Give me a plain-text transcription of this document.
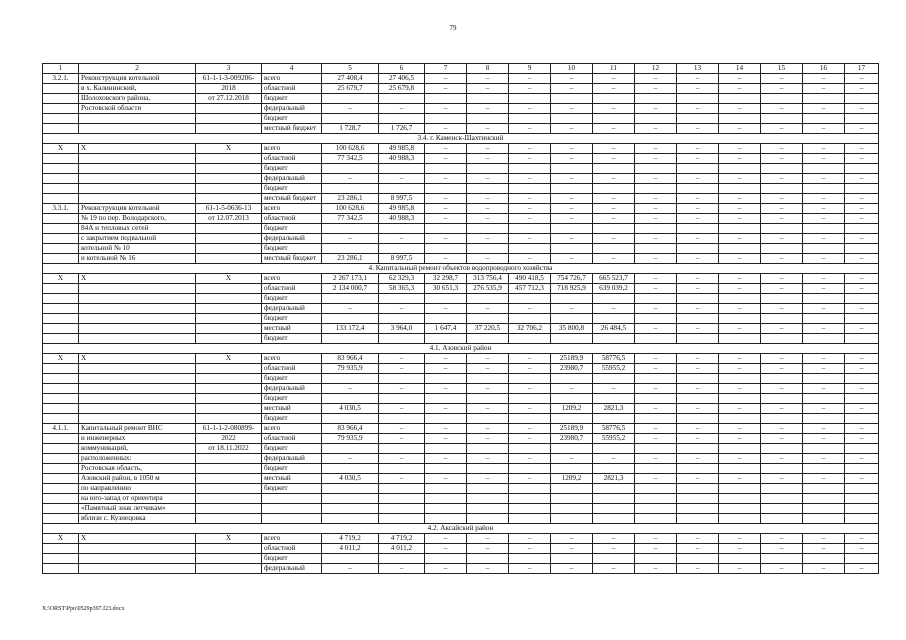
79
1	2	3	4	5	6	7	8	9	10	11	12	13	14	15	16	17
3.2.1.	Реконструкция котельной	61-1-1-3-009206-	всего	27 408,4	27 406,5	–	–	–	–	–	–	–	–	–	–	–
	в х. Калининский,	2018	областной	25 679,7	25 679,8	–	–	–	–	–	–	–	–	–	–	–
	Шолоховского района,	от 27.12.2018	бюджет													
	Ростовской области		федеральный	–	–	–	–	–	–	–	–	–	–	–	–	–
			бюджет													
			местный бюджет	1 728,7	1 726,7	–	–	–	–	–	–	–	–	–	–	–
3.4. г. Каменск-Шахтинский																
Х	Х	Х	всего	100 628,6	49 985,8	–	–	–	–	–	–	–	–	–	–	–
			областной	77 342,5	40 988,3	–	–	–	–	–	–	–	–	–	–	–
			бюджет													
			федеральный	–	–	–	–	–	–	–	–	–	–	–	–	–
			бюджет													
			местный бюджет	23 286,1	8 997,5	–	–	–	–	–	–	–	–	–	–	–
3.3.1.	Реконструкция котельной	61-1-5-0636-13	всего	100 628,6	49 985,8	–	–	–	–	–	–	–	–	–	–	–
	№ 19 по пер. Володарского,	от 12.07.2013	областной	77 342,5	40 988,3	–	–	–	–	–	–	–	–	–	–	–
	84А и тепловых сетей		бюджет													
	с закрытием подвальной		федеральный	–	–	–	–	–	–	–	–	–	–	–	–	–
	котельной № 10		бюджет													
	и котельной № 16		местный бюджет	23 286,1	8 997,5	–	–	–	–	–	–	–	–	–	–	–
4. Капитальный ремонт объектов водопроводного хозяйства																
Х	Х	Х	всего	2 267 173,1	62 329,3	32 298,7	313 756,4	490 418,5	754 726,7	665 523,7	–	–	–	–	–	–
			областной	2 134 000,7	58 365,3	30 651,3	276 535,9	457 712,3	718 925,9	639 039,2	–	–	–	–	–	–
			бюджет													
			федеральный	–	–	–	–	–	–	–	–	–	–	–	–	–
			бюджет													
			местный	133 172,4	3 964,0	1 647,4	37 220,5	32 706,2	35 800,8	26 484,5	–	–	–	–	–	–
			бюджет													
4.1. Азовский район																
Х	Х	Х	всего	83 966,4	–	–	–	–	25189,9	58776,5	–	–	–	–	–	–
			областной	79 935,9	–	–	–	–	23980,7	55955,2	–	–	–	–	–	–
			бюджет													
			федеральный	–	–	–	–	–	–	–	–	–	–	–	–	–
			бюджет													
			местный	4 030,5	–	–	–	–	1209,2	2821,3	–	–	–	–	–	–
			бюджет													
4.1.1.	Капитальный ремонт ВНС	61-1-1-2-080899-	всего	83 966,4	–	–	–	–	25189,9	58776,5	–	–	–	–	–	–
	и инженерных	2022	областной	79 935,9	–	–	–	–	23980,7	55955,2	–	–	–	–	–	–
	коммуникаций,	от 18.11.2022	бюджет													
	расположенных:		федеральный	–	–	–	–	–	–	–	–	–	–	–	–	–
	Ростовская область,		бюджет													
	Азовский район, в 1050 м		местный	4 030,5	–	–	–	–	1209,2	2821,3	–	–	–	–	–	–
	по направлению		бюджет													
	на юго-запад от ориентира															
	«Памятный знак летчикам»															
	вблизи с. Кузнецовка															
4.2. Аксайский район																
Х	Х	Х	всего	4 719,2	4 719,2	–	–	–	–	–	–	–	–	–	–	–
			областной	4 011,2	4 011,2	–	–	–	–	–	–	–	–	–	–	–
			бюджет													
			федеральный	–	–	–	–	–	–	–	–	–	–	–	–	–
X:\ORST\Ppo\0529p397.f23.docx
